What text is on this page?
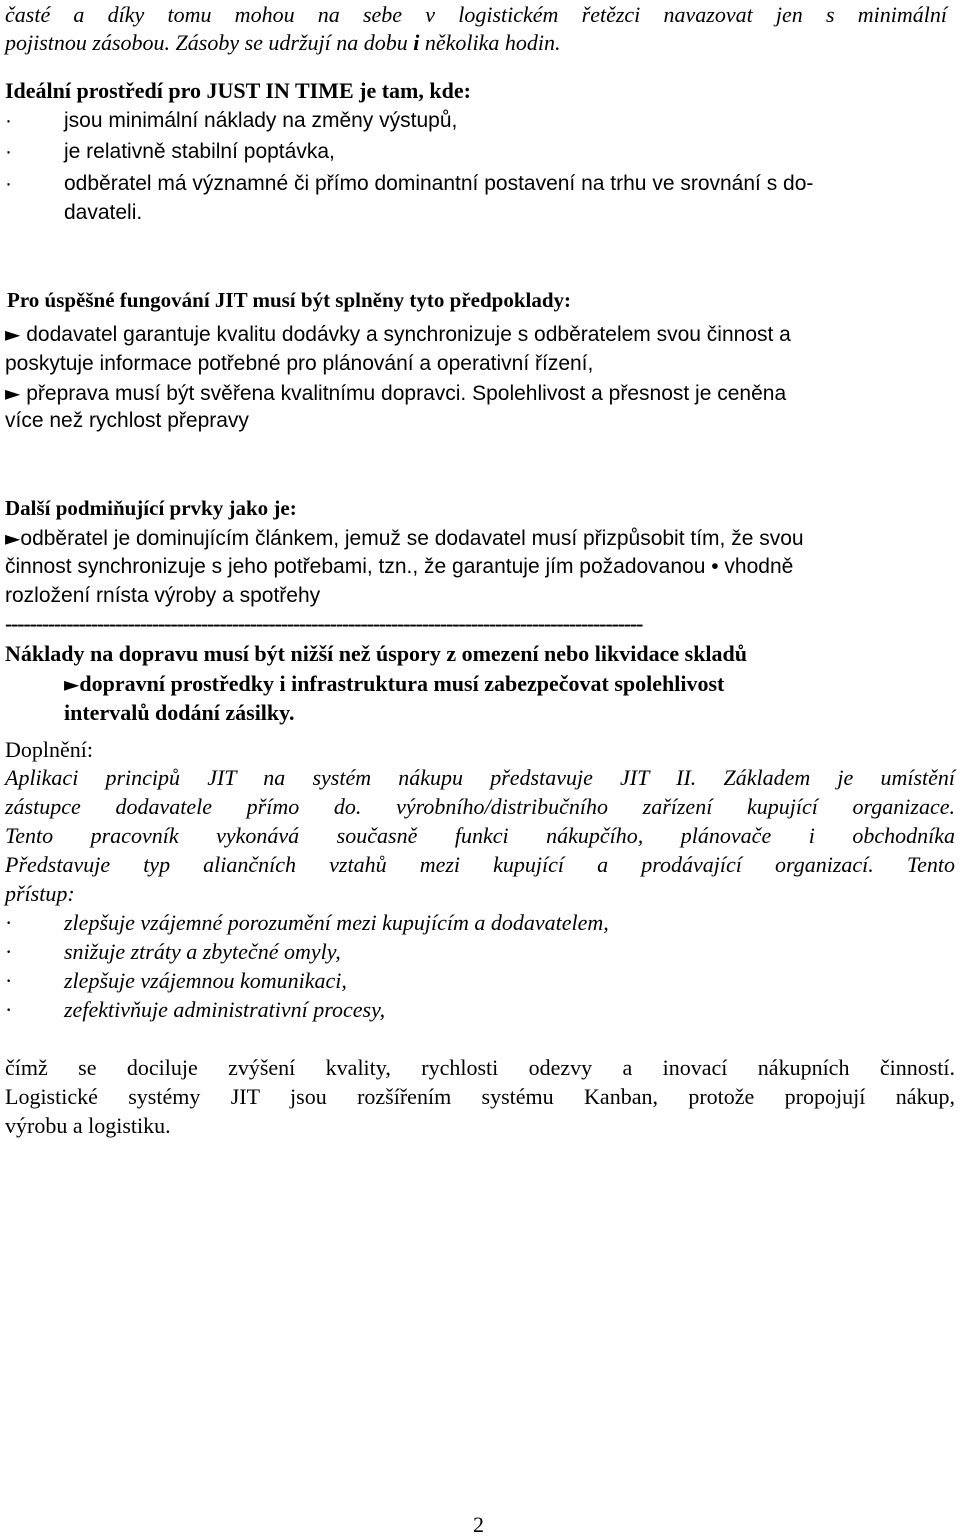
časté a díky tomu mohou na sebe v logistickém řetězci navazovat jen s minimální
pojistnou zásobou. Zásoby se udržují na dobu i několika hodin.
Ideální prostředí pro JUST IN TIME je tam, kde:
· jsou minimální náklady na změny výstupů,
· je relativně stabilní poptávka,
· odběratel má významné či přímo dominantní postavení na trhu ve srovnání s do-
davateli.
Pro úspěšné fungování JIT musí být splněny tyto předpoklady:
► dodavatel garantuje kvalitu dodávky a synchronizuje s odběratelem svou činnost a
poskytuje informace potřebné pro plánování a operativní řízení,
► přeprava musí být svěřena kvalitnímu dopravci. Spolehlivost a přesnost je ceněna
více než rychlost přepravy
Další podmiňující prvky jako je:
►odběratel je dominujícím článkem, jemuž se dodavatel musí přizpůsobit tím, že svou
činnost synchronizuje s jeho potřebami, tzn., že garantuje jím požadovanou • vhodně
rozložení rnísta výroby a spotřehy
--------------------------------------------------------------------------------------------------------
Náklady na dopravu musí být nižší než úspory z omezení nebo likvidace skladů
►dopravní prostředky i infrastruktura musí zabezpečovat spolehlivost
intervalů dodání zásilky.
Doplnění:
Aplikaci principů JIT na systém nákupu představuje JIT II. Základem je umístění
zástupce dodavatele přímo do. výrobního/distribučního zařízení kupující organizace.
Tento pracovník vykonává současně funkci nákupčího, plánovače i obchodníka
Představuje typ aliančních vztahů mezi kupující a prodávající organizací. Tento
přístup:
· zlepšuje vzájemné porozumění mezi kupujícím a dodavatelem,
· snižuje ztráty a zbytečné omyly,
· zlepšuje vzájemnou komunikaci,
· zefektivňuje administrativní procesy,
čímž se dociluje zvýšení kvality, rychlosti odezvy a inovací nákupních činností.
Logistické systémy JIT jsou rozšířením systému Kanban, protože propojují nákup,
výrobu a logistiku.
2
